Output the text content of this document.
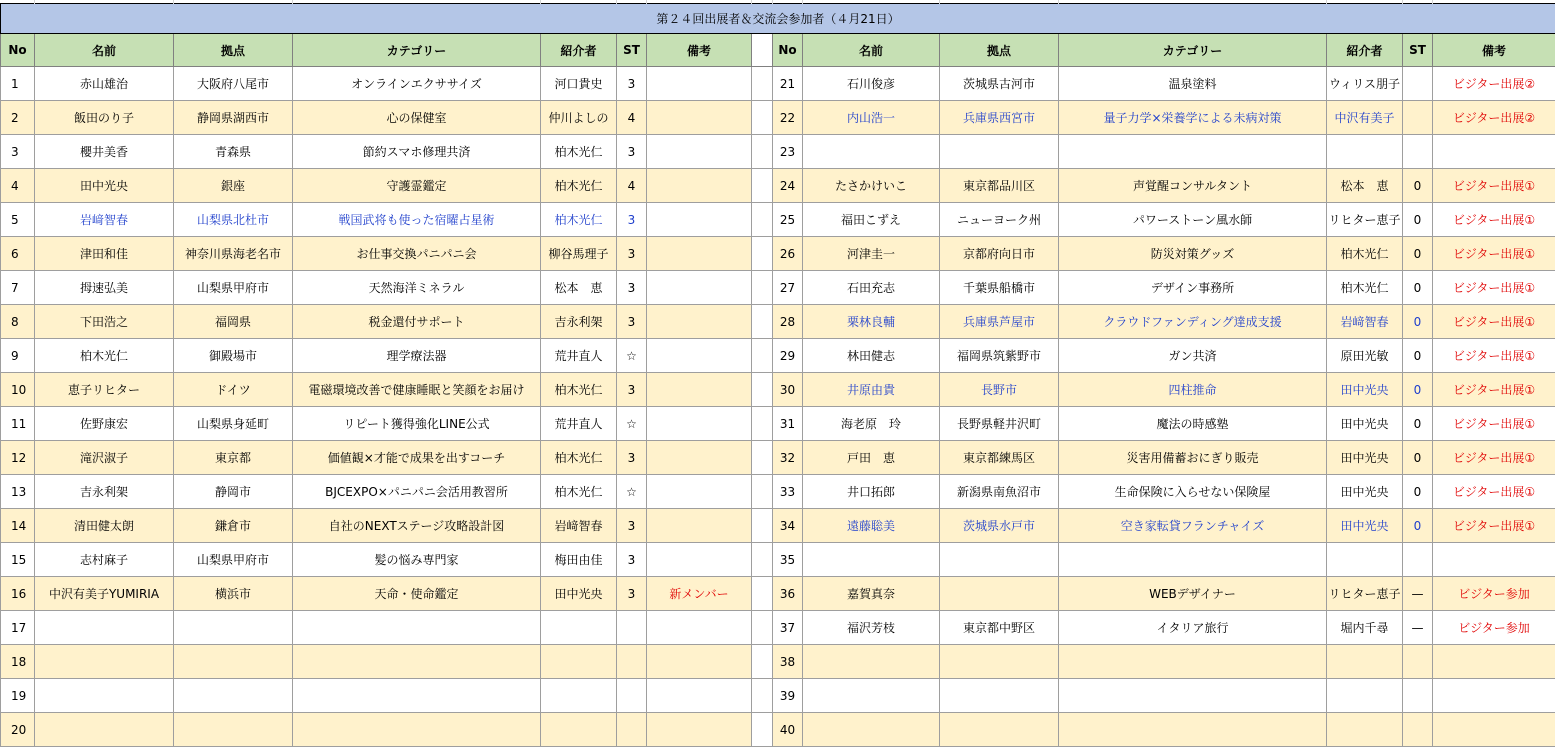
第２４回出展者＆交流会参加者（４月21日）														
No	名前	拠点	カテゴリー	紹介者	ST	備考		No	名前	拠点	カテゴリー	紹介者	ST	備考
1	赤山雄治	大阪府八尾市	オンラインエクササイズ	河口貴史	3			21	石川俊彦	茨城県古河市	温泉塗料	ウィリス朋子		ビジター出展②
2	飯田のり子	静岡県湖西市	心の保健室	仲川よしの	4			22	内山浩一	兵庫県西宮市	量子力学×栄養学による未病対策	中沢有美子		ビジター出展②
3	櫻井美香	青森県	節約スマホ修理共済	柏木光仁	3			23						
4	田中光央	銀座	守護霊鑑定	柏木光仁	4			24	たさかけいこ	東京都品川区	声覚醒コンサルタント	松本　恵	0	ビジター出展①
5	岩﨑智春	山梨県北杜市	戦国武将も使った宿曜占星術	柏木光仁	3			25	福田こずえ	ニューヨーク州	パワーストーン風水師	リヒター恵子	0	ビジター出展①
6	津田和佳	神奈川県海老名市	お仕事交換パニパニ会	柳谷馬理子	3			26	河津圭一	京都府向日市	防災対策グッズ	柏木光仁	0	ビジター出展①
7	拇速弘美	山梨県甲府市	天然海洋ミネラル	松本　恵	3			27	石田充志	千葉県船橋市	デザイン事務所	柏木光仁	0	ビジター出展①
8	下田浩之	福岡県	税金還付サポート	吉永利架	3			28	栗林良輔	兵庫県芦屋市	クラウドファンディング達成支援	岩﨑智春	0	ビジター出展①
9	柏木光仁	御殿場市	理学療法器	荒井直人	☆			29	林田健志	福岡県筑紫野市	ガン共済	原田光敏	0	ビジター出展①
10	恵子リヒター	ドイツ	電磁環境改善で健康睡眠と笑顔をお届け	柏木光仁	3			30	井原由貴	長野市	四柱推命	田中光央	0	ビジター出展①
11	佐野康宏	山梨県身延町	リピート獲得強化LINE公式	荒井直人	☆			31	海老原　玲	長野県軽井沢町	魔法の時感塾	田中光央	0	ビジター出展①
12	滝沢淑子	東京都	価値観×才能で成果を出すコーチ	柏木光仁	3			32	戸田　恵	東京都練馬区	災害用備蓄おにぎり販売	田中光央	0	ビジター出展①
13	吉永利架	静岡市	BJCEXPO×パニパニ会活用教習所	柏木光仁	☆			33	井口拓郎	新潟県南魚沼市	生命保険に入らせない保険屋	田中光央	0	ビジター出展①
14	清田健太朗	鎌倉市	自社のNEXTステージ攻略設計図	岩﨑智春	3			34	遠藤聡美	茨城県水戸市	空き家転貸フランチャイズ	田中光央	0	ビジター出展①
15	志村麻子	山梨県甲府市	髪の悩み専門家	梅田由佳	3			35						
16	中沢有美子YUMIRIA	横浜市	天命・使命鑑定	田中光央	3	新メンバー		36	嘉賀真奈		WEBデザイナー	リヒター恵子	—	ビジター参加
17								37	福沢芳枝	東京都中野区	イタリア旅行	堀内千尋	—	ビジター参加
18								38						
19								39						
20								40						
